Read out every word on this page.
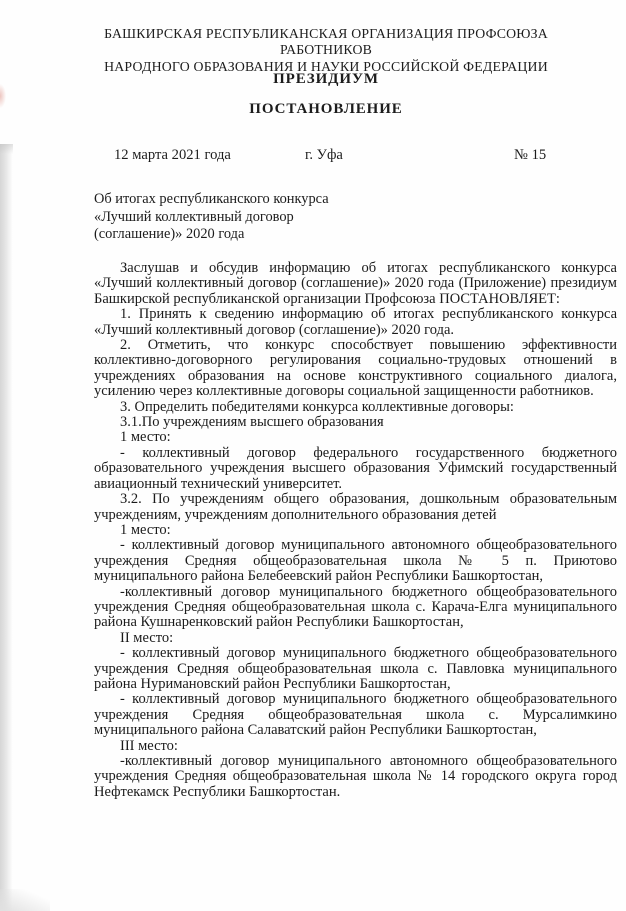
БАШКИРСКАЯ РЕСПУБЛИКАНСКАЯ ОРГАНИЗАЦИЯ ПРОФСОЮЗА РАБОТНИКОВ
НАРОДНОГО ОБРАЗОВАНИЯ И НАУКИ РОССИЙСКОЙ ФЕДЕРАЦИИ
ПРЕЗИДИУМ
ПОСТАНОВЛЕНИЕ
12 марта 2021 года	г. Уфа	№ 15
Об итогах республиканского конкурса
«Лучший коллективный договор
(соглашение)» 2020 года

Заслушав и обсудив информацию об итогах республиканского конкурса «Лучший коллективный договор (соглашение)» 2020 года (Приложение) президиум Башкирской республиканской организации Профсоюза ПОСТАНОВЛЯЕТ:

1. Принять к сведению информацию об итогах республиканского конкурса «Лучший коллективный договор (соглашение)» 2020 года.

2. Отметить, что конкурс способствует повышению эффективности коллективно-договорного регулирования социально-трудовых отношений в учреждениях образования на основе конструктивного социального диалога, усилению через коллективные договоры социальной защищенности работников.

3. Определить победителями конкурса коллективные договоры:

3.1.По учреждениям высшего образования

1 место:

- коллективный договор федерального государственного бюджетного образовательного учреждения высшего образования Уфимский государственный авиационный технический университет.

3.2. По учреждениям общего образования, дошкольным образовательным учреждениям, учреждениям дополнительного образования детей

1 место:

- коллективный договор муниципального автономного общеобразовательного учреждения Средняя общеобразовательная школа № 5 п. Приютово муниципального района Белебеевский район Республики Башкортостан,

-коллективный договор муниципального бюджетного общеобразовательного учреждения Средняя общеобразовательная школа с. Карача-Елга муниципального района Кушнаренковский район Республики Башкортостан,

II место:

- коллективный договор муниципального бюджетного общеобразовательного учреждения Средняя общеобразовательная школа с. Павловка муниципального района Нуримановский район Республики Башкортостан,

- коллективный договор муниципального бюджетного общеобразовательного учреждения Средняя общеобразовательная школа с. Мурсалимкино муниципального района Салаватский район Республики Башкортостан,

III место:

-коллективный договор муниципального автономного общеобразовательного учреждения Средняя общеобразовательная школа № 14 городского округа город Нефтекамск Республики Башкортостан.
